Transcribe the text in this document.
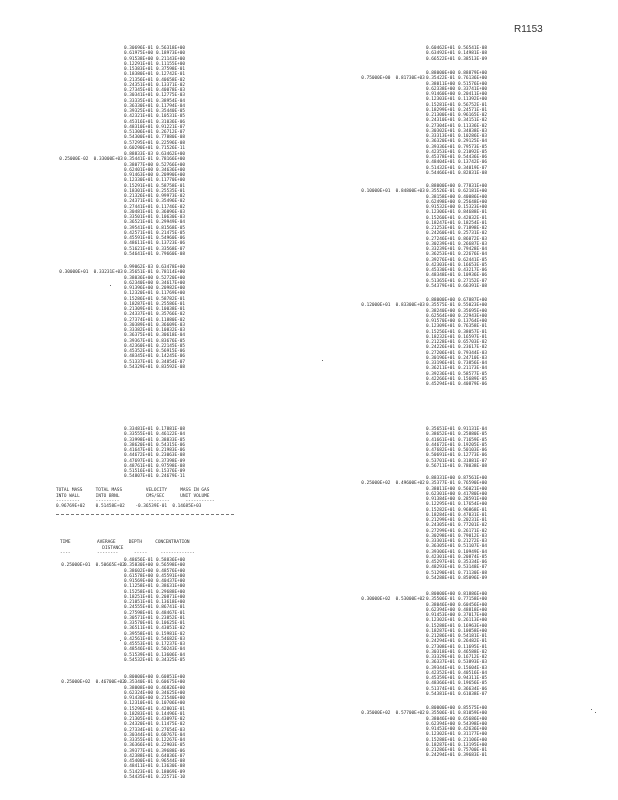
R1153
0.30696E-01 0.56318E+00
0.61975E+00 0.18973E+00
0.91538E+00 0.21143E+00
0.12291E+01 0.11155E+00
0.15383E+01 0.37598E-01
0.18380E+01 0.12742E-01
0.21356E+01 0.40658E-02
0.24351E+01 0.13371E-02
0.27345E+01 0.40078E-03
0.30341E+01 0.12775E-03
0.33335E+01 0.38954E-04
0.36330E+01 0.11794E-04
0.39325E+01 0.35440E-05
0.42321E+01 0.10531E-05
0.45316E+01 0.31036E-06
0.48310E+01 0.91221E-07
0.51306E+01 0.26712E-07
0.54300E+01 0.77880E-08
0.57295E+01 0.22596E-08
0.60290E+01 0.71526E-11

0.25000E-02 0.33000E+03

0.88833E-03 0.63462E+00
0.35441E-01 0.78166E+00
0.38077E+00 0.52766E+00
0.62401E+00 0.34636E+00
0.91463E+00 0.20990E+00
0.12330E+01 0.11770E+00
0.15291E+01 0.58758E-01
0.18301E+01 0.25535E-01
0.21326E+01 0.99973E-02
0.24371E+01 0.35496E-02
0.27441E+01 0.11746E-02
0.30481E+01 0.36096E-03
0.33501E+01 0.10630E-03
0.36521E+01 0.29949E-04
0.39541E+01 0.81568E-05
0.42571E+01 0.21475E-05
0.45591E+01 0.54960E-06
0.48611E+01 0.13723E-06
0.51621E+01 0.33568E-07
0.54641E+01 0.79660E-08

0.30000E+01 0.33231E+03

0.99062E-03 0.63478E+00
0.35651E-01 0.78114E+00
0.38036E+00 0.52720E+00
0.62340E+00 0.34617E+00
0.91396E+00 0.20982E+00
0.12320E+01 0.11769E+00
0.15286E+01 0.58782E-01
0.18287E+01 0.25586E-01
0.21309E+01 0.10038E-01
0.24337E+01 0.35766E-02
0.27374E+01 0.11880E-02
0.30389E+01 0.36609E-03
0.33382E+01 0.10832E-03
0.36375E+01 0.30618E-04
0.39367E+01 0.83676E-05
0.42360E+01 0.22145E-05
0.45352E+01 0.56915E-06
0.48345E+01 0.14245E-06
0.51337E+01 0.34854E-07
0.54329E+01 0.83592E-08
0.60462E+01 0.56541E-08
0.63492E+01 0.14981E-08
0.66522E+01 0.38513E-09

0.75000E+00 0.81730E+03

0.88000E+00 0.88879E+00
0.35422E-01 0.76136E+00
0.38011E+00 0.51576E+00
0.62338E+00 0.33741E+00
0.91460E+00 0.20411E+00
0.12303E+01 0.11392E+00
0.15281E+01 0.56752E-01
0.18299E+01 0.24571E-01
0.21300E+01 0.96165E-02
0.24310E+01 0.34151E-02
0.27304E+01 0.11336E-02
0.30302E+01 0.34838E-03
0.33313E+01 0.10286E-03
0.36320E+01 0.29125E-04
0.39336E+01 0.79573E-05
0.42353E+01 0.21092E-05
0.45378E+01 0.54436E-06
0.48404E+01 0.13742E-06
0.51432E+01 0.34019E-07
0.54466E+01 0.82831E-08

0.10000E+01 0.84800E+03

0.88000E+00 0.77831E+00
0.35526E-01 0.62181E+00
0.38158E+00 0.40086E+00
0.62498E+00 0.25648E+00
0.91532E+00 0.15323E+00
0.12306E+01 0.84688E-01
0.15260E+01 0.42032E-01
0.18247E+01 0.18254E-01
0.21253E+01 0.71898E-02
0.24260E+01 0.25731E-02
0.27246E+01 0.86072E-03
0.30239E+01 0.26687E-03
0.33239E+01 0.79428E-04
0.36253E+01 0.22676E-04
0.39276E+01 0.62441E-05
0.42303E+01 0.16653E-05
0.45330E+01 0.43217E-06
0.48348E+01 0.10936E-06
0.51365E+01 0.27152E-07
0.54379E+01 0.66391E-08

0.12000E+01 0.83300E+03

0.88000E+00 0.67887E+00
0.35575E-01 0.55023E+00
0.38240E+00 0.35695E+00
0.62564E+00 0.22943E+00
0.91570E+00 0.13764E+00
0.12309E+01 0.76358E-01
0.15256E+01 0.38057E-01
0.18232E+01 0.16597E-01
0.21228E+01 0.65703E-02
0.24226E+01 0.23617E-02
0.27206E+01 0.79344E-03
0.30196E+01 0.24710E-03
0.33196E+01 0.73856E-04
0.36211E+01 0.21173E-04
0.39236E+01 0.58577E-05
0.42266E+01 0.15689E-05
0.45294E+01 0.40879E-06
0.33481E+01 0.17881E-08
0.33555E+01 0.46122E-04
0.33998E+01 0.38833E-05
0.38620E+01 0.54315E-06
0.41647E+01 0.21983E-06
0.44672E+01 0.23063E-08
0.47697E+01 0.37398E-09
0.48761E+01 0.97598E-08
0.51516E+01 0.15376E-09
0.54807E+01 0.24679E-11

TOTAL MASS	TOTAL MASS	VELOCITY	MASS IN GAS
INTO WALL	INTO BRNL	CMS/SEC	UNIT VOLUME
---------      ---------           --------      -----------
0.96769E+02 0.51458E+02 -0.36539E-01 0.14685E+03

TIME	AVERAGE	DEPTH	CONCENTRATION
DISTANCE
----          --------      -----     -------------

0.25000E+01 0.50665E+02

0.48656E-01 0.58836E+00
0.35830E+00 0.56598E+00
0.38602E+00 0.48576E+00
0.61578E+00 0.45591E+00
0.91569E+00 0.40437E+00
0.11258E+01 0.38631E+00
0.15258E+01 0.29688E+00
0.18251E+01 0.20871E+00
0.21051E+01 0.13618E+00
0.24555E+01 0.86741E-01
0.27598E+01 0.48467E-01
0.30571E+01 0.23852E-01
0.33570E+01 0.10625E-01
0.36511E+01 0.43051E-02
0.39558E+01 0.15981E-02
0.42561E+01 0.54682E-03
0.45553E+01 0.17237E-03
0.48546E+01 0.50243E-04
0.51539E+01 0.13606E-04
0.54532E+01 0.34325E-05

0.25000E+02 0.46700E+02

0.80000E+00 0.60851E+00
0.35340E-01 0.60675E+00
0.38008E+00 0.46826E+00
0.62324E+00 0.34625E+00
0.91430E+00 0.21540E+00
0.12310E+01 0.10706E+00
0.15296E+01 0.42801E-01
0.18283E+01 0.14496E-01
0.21305E+01 0.43097E-02
0.24320E+01 0.11475E-02
0.27334E+01 0.27654E-03
0.30344E+01 0.60767E-04
0.33355E+01 0.12267E-04
0.36366E+01 0.22903E-05
0.39377E+01 0.39688E-06
0.42388E+01 0.64036E-07
0.45400E+01 0.96544E-08
0.48411E+01 0.13630E-08
0.51423E+01 0.18069E-09
0.54435E+01 0.22571E-10
0.35651E+01 0.91131E-04
0.38652E+01 0.25880E-05
0.41661E+01 0.71659E-05
0.44672E+01 0.19205E-05
0.47682E+01 0.50103E-06
0.50691E+01 0.12773E-06
0.53701E+01 0.31881E-07
0.56711E+01 0.78038E-08

0.25000E+02 0.49600E+02

0.88331E+00 0.87561E+00
0.35377E-01 0.76590E+00
0.38011E+00 0.56021E+00
0.62301E+00 0.41780E+00
0.91384E+00 0.28591E+00
0.12295E+01 0.17654E+00
0.15282E+01 0.96868E-01
0.18284E+01 0.47031E-01
0.21299E+01 0.20231E-01
0.24305E+01 0.77201E-02
0.27299E+01 0.26171E-02
0.30298E+01 0.79012E-03
0.33301E+01 0.21272E-03
0.36305E+01 0.51107E-04
0.39306E+01 0.10949E-04
0.42301E+01 0.20874E-05
0.45297E+01 0.35334E-06
0.48293E+01 0.53148E-07
0.51290E+01 0.71130E-08
0.54288E+01 0.85096E-09

0.30000E+02 0.53000E+02

0.80000E+00 0.81886E+00
0.35506E-01 0.77158E+00
0.38046E+00 0.60456E+00
0.62394E+00 0.48818E+00
0.91453E+00 0.37017E+00
0.12302E+01 0.26113E+00
0.15288E+01 0.16963E+00
0.18287E+01 0.10058E+00
0.21286E+01 0.54181E-01
0.24294E+01 0.26482E-01
0.27308E+01 0.11695E-01
0.30318E+01 0.46588E-02
0.33329E+01 0.16712E-02
0.36337E+01 0.53893E-03
0.39344E+01 0.15604E-03
0.42352E+01 0.40516E-04
0.45359E+01 0.94311E-05
0.48366E+01 0.19656E-05
0.51374E+01 0.36634E-06
0.54381E+01 0.61038E-07

0.35000E+02 0.57700E+02

0.80000E+00 0.85575E+00
0.35506E-01 0.81059E+00
0.38046E+00 0.65686E+00
0.62394E+00 0.54398E+00
0.91453E+00 0.42636E+00
0.12302E+01 0.31177E+00
0.15288E+01 0.21106E+00
0.18287E+01 0.13195E+00
0.21286E+01 0.75700E-01
0.24294E+01 0.39683E-01
